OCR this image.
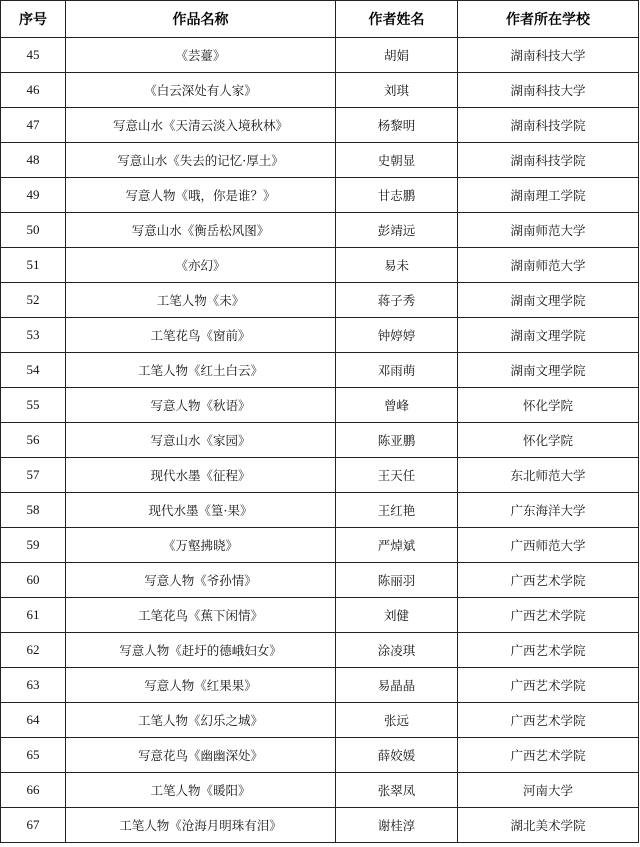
序号	作品名称	作者姓名	作者所在学校
45	《芸薹》	胡娟	湖南科技大学
46	《白云深处有人家》	刘琪	湖南科技大学
47	写意山水《天清云淡入境秋林》	杨黎明	湖南科技学院
48	写意山水《失去的记忆·厚土》	史朝显	湖南科技学院
49	写意人物《哦，你是谁？》	甘志鹏	湖南理工学院
50	写意山水《衡岳松风图》	彭靖远	湖南师范大学
51	《亦幻》	易未	湖南师范大学
52	工笔人物《未》	蒋子秀	湖南文理学院
53	工笔花鸟《窗前》	钟婷婷	湖南文理学院
54	工笔人物《红土白云》	邓雨萌	湖南文理学院
55	写意人物《秋语》	曾峰	怀化学院
56	写意山水《家园》	陈亚鹏	怀化学院
57	现代水墨《征程》	王天任	东北师范大学
58	现代水墨《篁·果》	王红艳	广东海洋大学
59	《万壑拂晓》	严焯斌	广西师范大学
60	写意人物《爷孙情》	陈丽羽	广西艺术学院
61	工笔花鸟《蕉下闲情》	刘健	广西艺术学院
62	写意人物《赶圩的德峨妇女》	涂凌琪	广西艺术学院
63	写意人物《红果果》	易晶晶	广西艺术学院
64	工笔人物《幻乐之城》	张远	广西艺术学院
65	写意花鸟《幽幽深处》	薛姣媛	广西艺术学院
66	工笔人物《暖阳》	张翠凤	河南大学
67	工笔人物《沧海月明珠有泪》	谢桂淳	湖北美术学院
